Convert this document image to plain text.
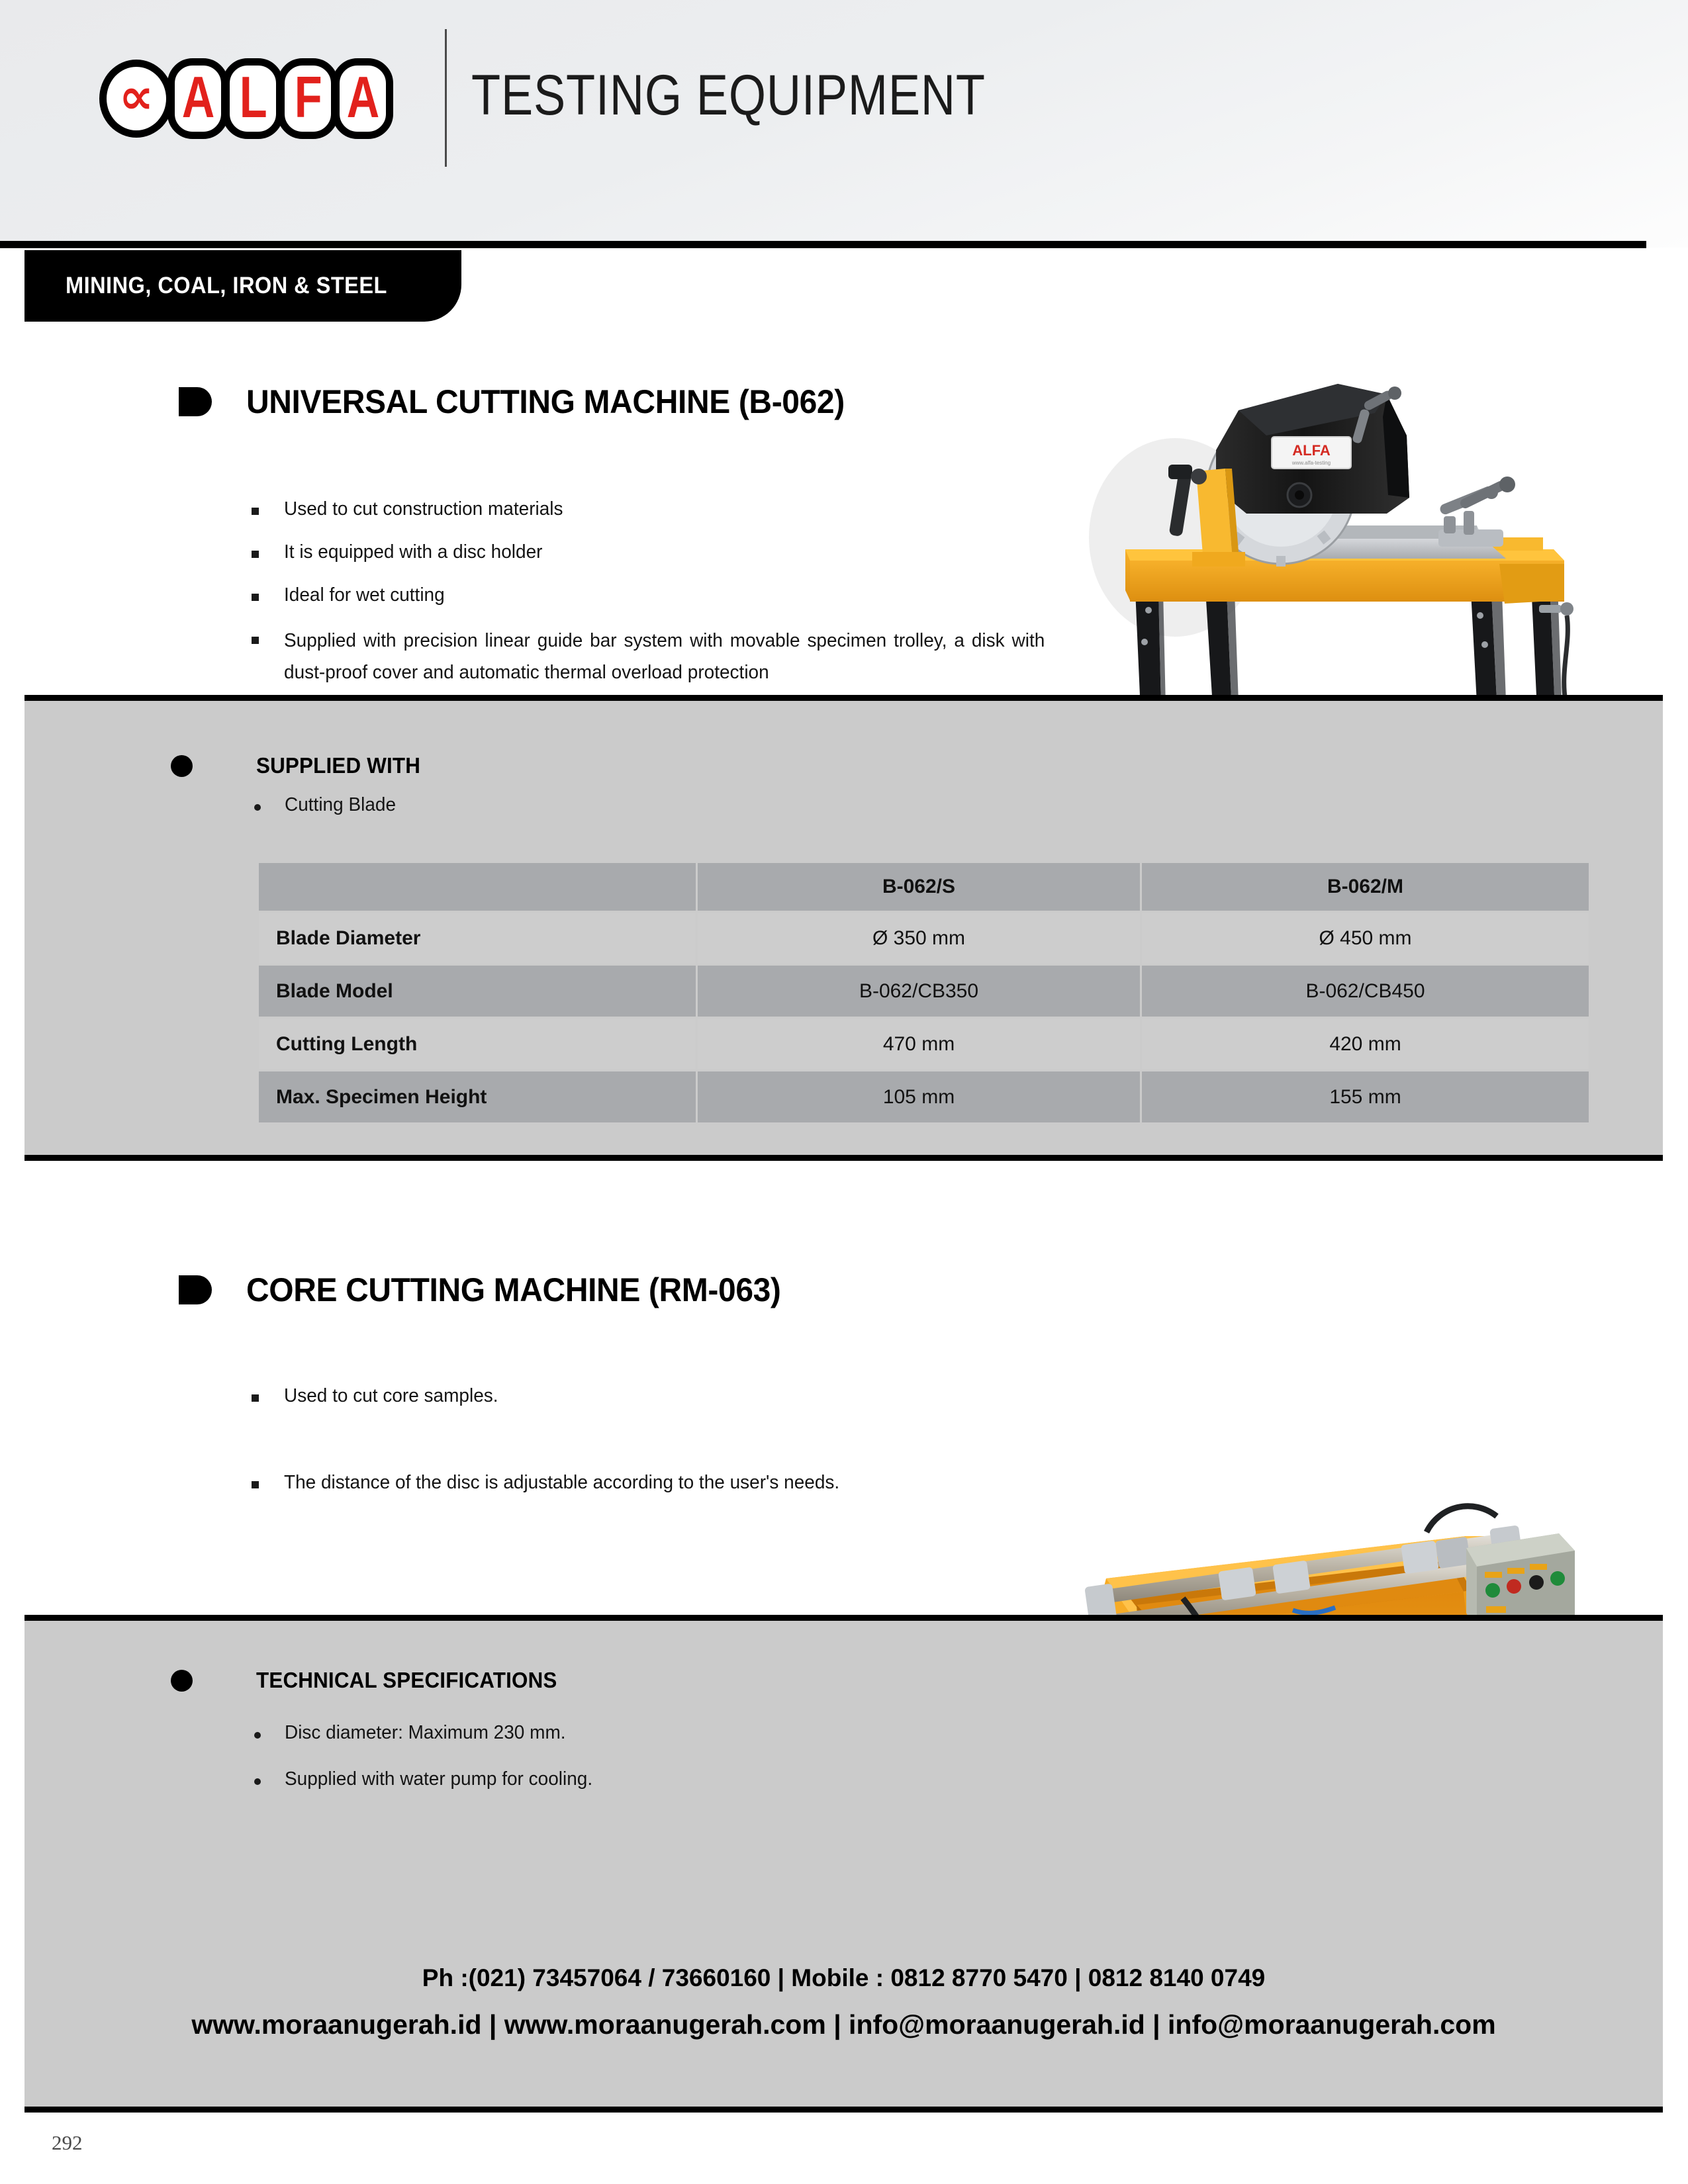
∝ A L F A TESTING EQUIPMENT
MINING, COAL, IRON & STEEL
UNIVERSAL CUTTING MACHINE (B-062)
Used to cut construction materials
It is equipped with a disc holder
Ideal for wet cutting
Supplied with precision linear guide bar system with movable specimen trolley, a disk with dust-proof cover and automatic thermal overload protection
ALFA
www.alfa-testing
SUPPLIED WITH
Cutting Blade
	B-062/S	B-062/M
Blade Diameter	Ø 350 mm	Ø 450 mm
Blade Model	B-062/CB350	B-062/CB450
Cutting Length	470 mm	420 mm
Max. Specimen Height	105 mm	155 mm
CORE CUTTING MACHINE (RM-063)
Used to cut core samples.
The distance of the disc is adjustable according to the user's needs.
TECHNICAL SPECIFICATIONS
Disc diameter: Maximum 230 mm.
Supplied with water pump for cooling.
Ph :(021) 73457064 / 73660160 | Mobile : 0812 8770 5470 | 0812 8140 0749
www.moraanugerah.id | www.moraanugerah.com | info@moraanugerah.id | info@moraanugerah.com
292
